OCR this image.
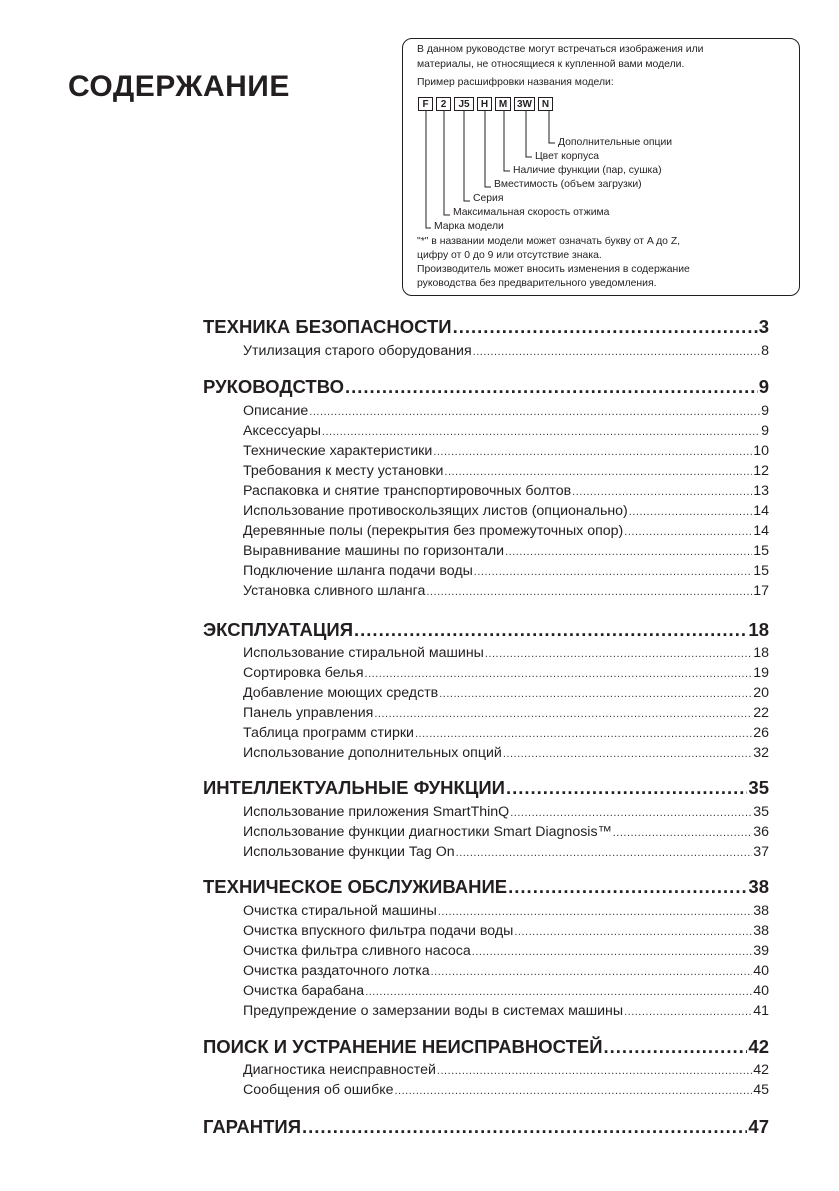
СОДЕРЖАНИЕ
В данном руководстве могут встречаться изображения или
материалы, не относящиеся к купленной вами модели.
Пример расшифровки названия модели:
F	2	J5	H	M 3W N
Дополнительные опции
Цвет корпуса
Наличие функции (пар, сушка)
Вместимость (объем загрузки)
Серия
Максимальная скорость отжима
Марка модели
"*" в названии модели может означать букву от A до Z,
цифру от 0 до 9 или отсутствие знака.
Производитель может вносить изменения в содержание
руководства без предварительного уведомления.
ТЕХНИКА БЕЗОПАСНОСТИ .....	3
Утилизация старого оборудования .....	8
РУКОВОДСТВО .....	9
Описание .....	9
Аксессуары .....	9
Технические характеристики .....	10
Требования к месту установки .....	12
Распаковка и снятие транспортировочных болтов .....	13
Использование противоскользящих листов (опционально) .....	14
Деревянные полы (перекрытия без промежуточных опор) .....	14
Выравнивание машины по горизонтали .....	15
Подключение шланга подачи воды .....	15
Установка сливного шланга .....	17
ЭКСПЛУАТАЦИЯ .....	18
Использование стиральной машины .....	18
Сортировка белья .....	19
Добавление моющих средств .....	20
Панель управления .....	22
Таблица программ стирки .....	26
Использование дополнительных опций .....	32
ИНТЕЛЛЕКТУАЛЬНЫЕ ФУНКЦИИ .....	35
Использование приложения SmartThinQ .....	35
Использование функции диагностики Smart Diagnosis™ .....	36
Использование функции Tag On .....	37
ТЕХНИЧЕСКОЕ ОБСЛУЖИВАНИЕ .....	38
Очистка стиральной машины .....	38
Очистка впускного фильтра подачи воды .....	38
Очистка фильтра сливного насоса .....	39
Очистка раздаточного лотка .....	40
Очистка барабана .....	40
Предупреждение о замерзании воды в системах машины .....	41
ПОИСК И УСТРАНЕНИЕ НЕИСПРАВНОСТЕЙ .....	42
Диагностика неисправностей .....	42
Сообщения об ошибке .....	45
ГАРАНТИЯ .....	47
